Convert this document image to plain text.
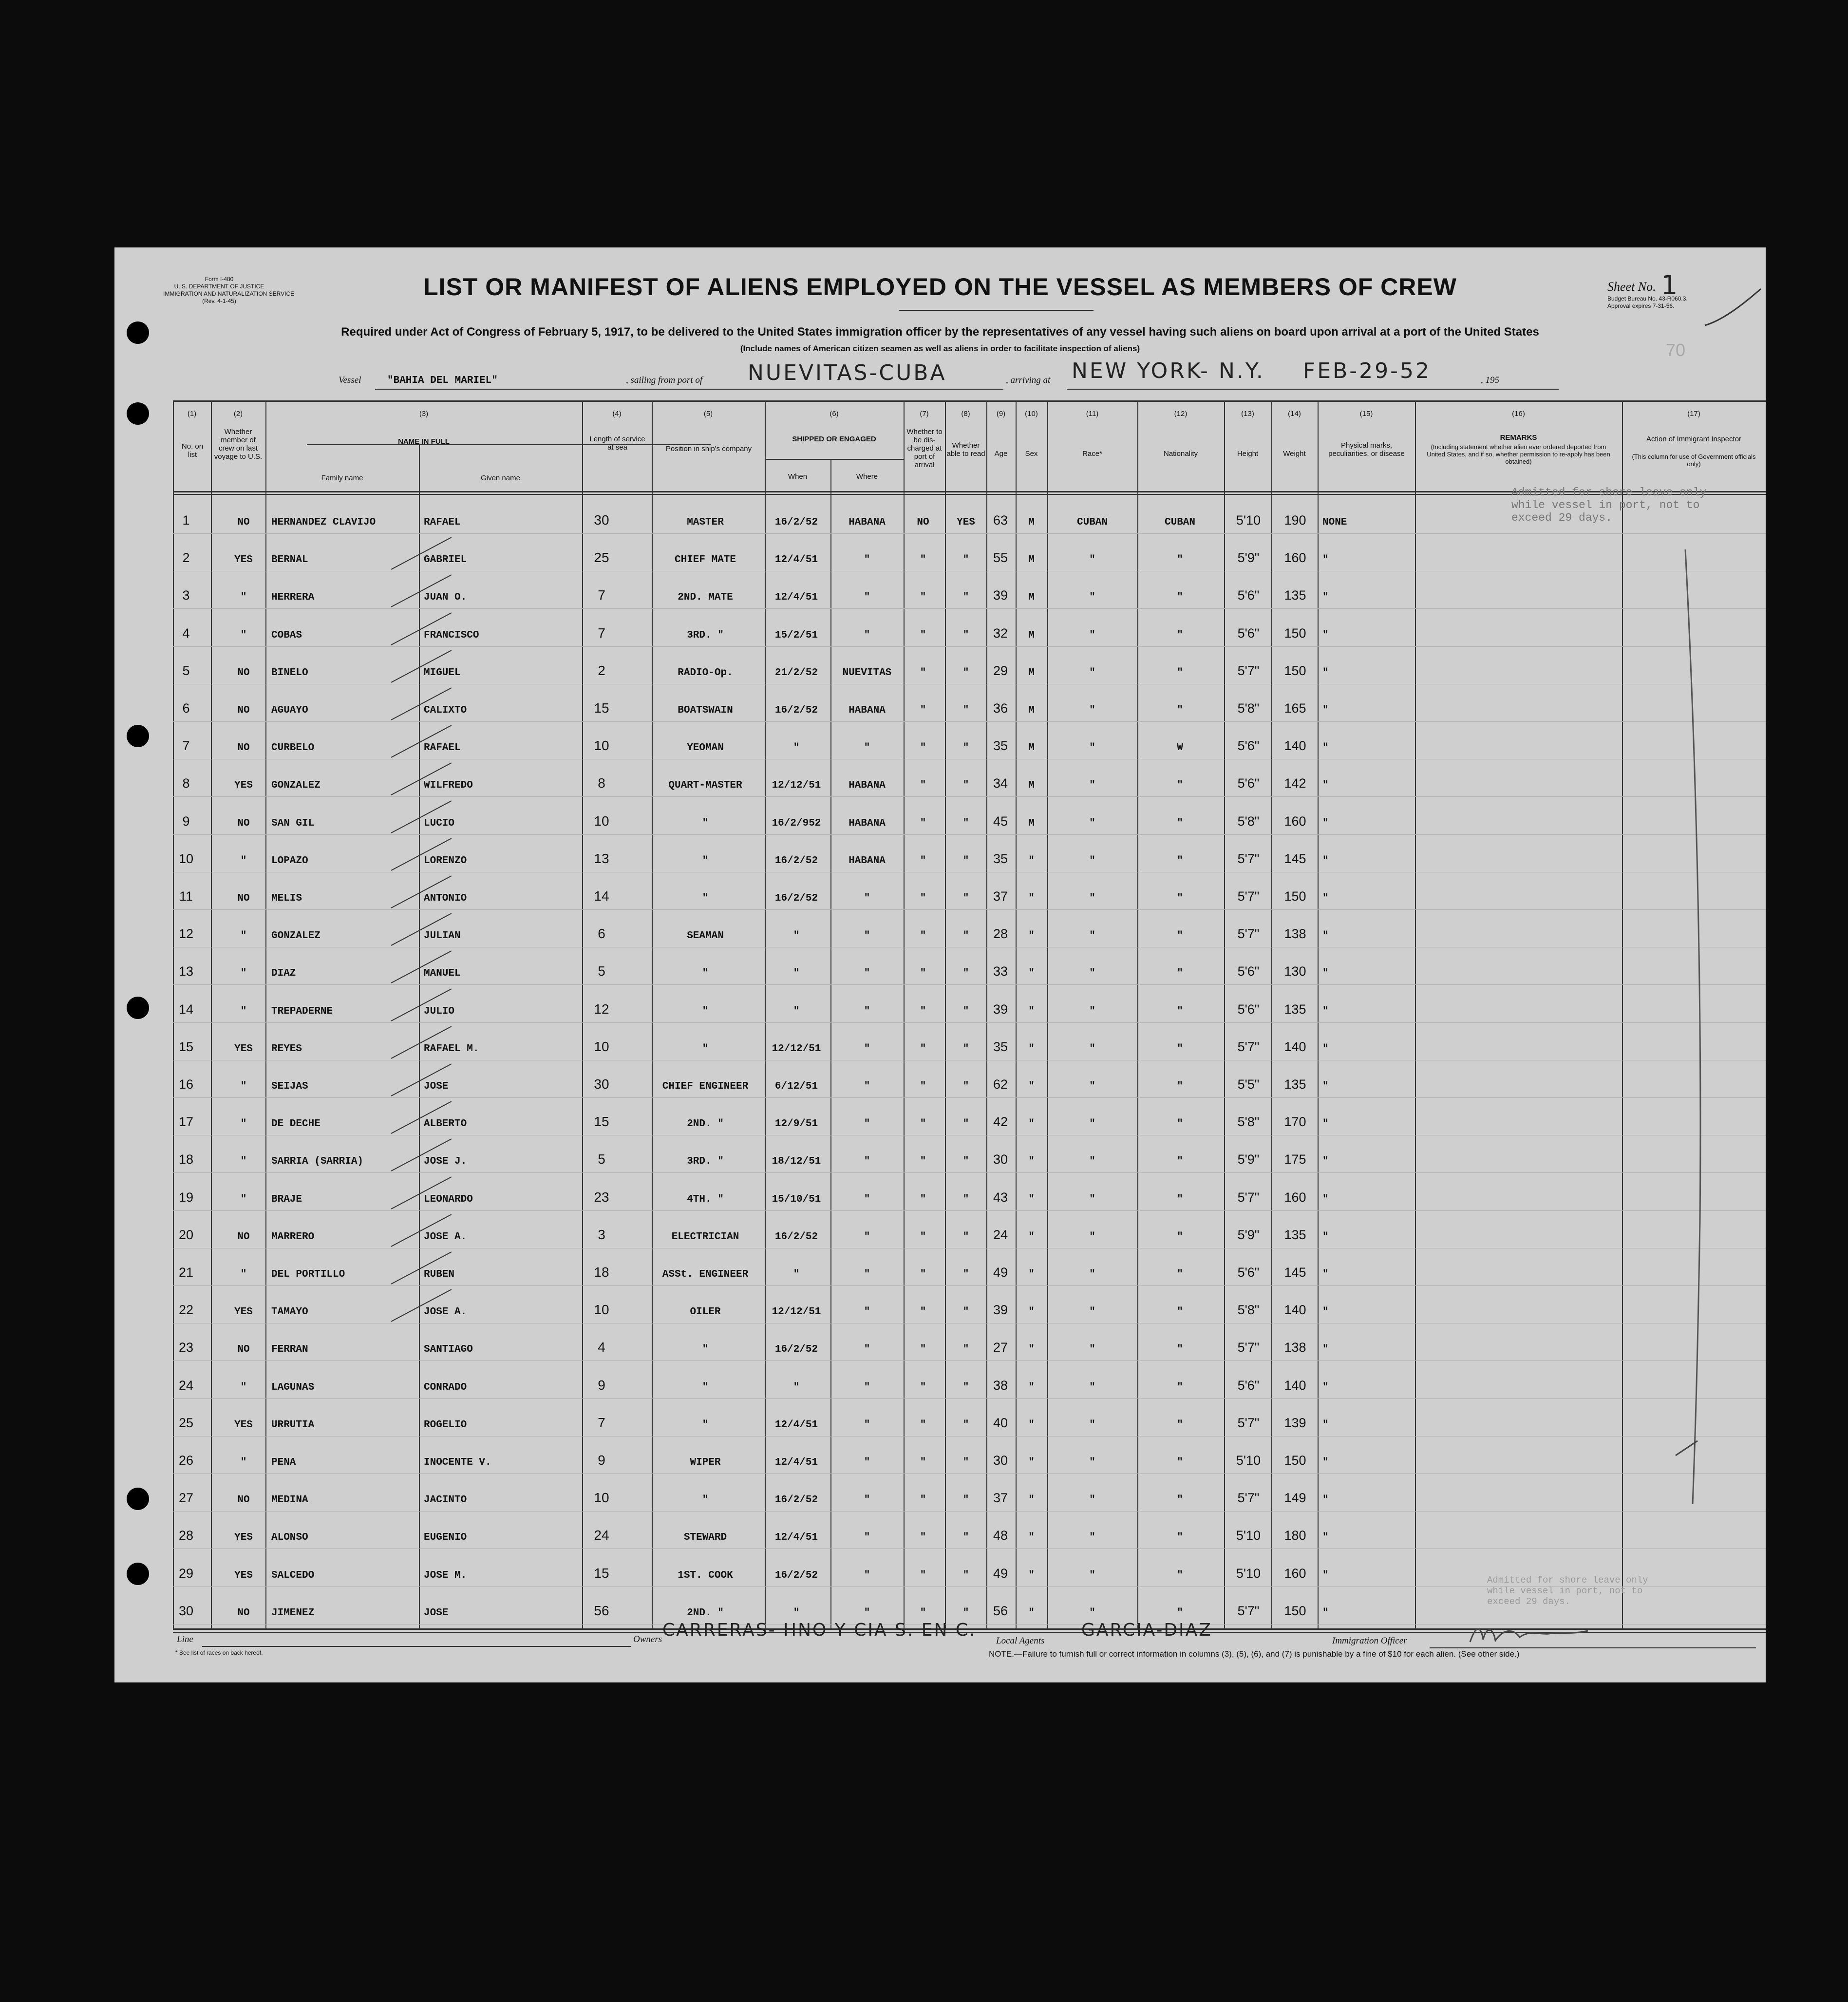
Form I-480
U. S. DEPARTMENT OF JUSTICE
IMMIGRATION AND NATURALIZATION SERVICE
(Rev. 4-1-45)
LIST OR MANIFEST OF ALIENS EMPLOYED ON THE VESSEL AS MEMBERS OF CREW	Sheet No. 1
Budget Bureau No. 43-R060.3.
Approval expires 7-31-56.
70
Required under Act of Congress of February 5, 1917, to be delivered to the United States immigration officer by the representatives of any vessel having such aliens on board upon arrival at a port of the United States
(Include names of American citizen seamen as well as aliens in order to facilitate inspection of aliens)
Vessel	"BAHIA DEL MARIEL"	, sailing from port of NUEVITAS-CUBA	, arriving at NEW YORK- N.Y. FEB-29-52	, 195
(1)	(2)	(3)	(4)	(5)	(6)	(7)	(8)	(9)	(10)	(11)	(12)	(13)	(14)	(15)	(16)	(17)
No. on list
Whether member of crew on last voyage to U.S.
NAME IN FULL
Family name	Given name
Length of service at sea	Position in ship's company
SHIPPED OR ENGAGED
When	Where
Whether to be dis-charged at port of arrival
Whether able to read	Age	Sex	Race*	Nationality	Height	Weight
Physical marks, peculiarities, or disease
REMARKS
(Including statement whether alien ever ordered deported from United States, and if so, whether permission to re-apply has been obtained)
Action of Immigrant Inspector
(This column for use of Government officials only)
1	NO	HERNANDEZ CLAVIJO	RAFAEL	30	MASTER	16/2/52	HABANA	NO	YES	63	M	CUBAN	CUBAN	5'10	190	NONE
2	YES	BERNAL	GABRIEL	25	CHIEF MATE	12/4/51	"	"	"	55	M	"	"	5'9"	160	"
3	"	HERRERA	JUAN O.	7	2ND. MATE	12/4/51	"	"	"	39	M	"	"	5'6"	135	"
4	"	COBAS	FRANCISCO	7	3RD. "	15/2/51	"	"	"	32	M	"	"	5'6"	150	"
5	NO	BINELO	MIGUEL	2	RADIO-Op.	21/2/52	NUEVITAS	"	"	29	M	"	"	5'7"	150	"
6	NO	AGUAYO	CALIXTO	15	BOATSWAIN	16/2/52	HABANA	"	"	36	M	"	"	5'8"	165	"
7	NO	CURBELO	RAFAEL	10	YEOMAN	"	"	"	"	35	M	"	W	5'6"	140	"
8	YES	GONZALEZ	WILFREDO	8	QUART-MASTER	12/12/51	HABANA	"	"	34	M	"	"	5'6"	142	"
9	NO	SAN GIL	LUCIO	10	"	16/2/952	HABANA	"	"	45	M	"	"	5'8"	160	"
10	"	LOPAZO	LORENZO	13	"	16/2/52	HABANA	"	"	35	"	"	"	5'7"	145	"
11	NO	MELIS	ANTONIO	14	"	16/2/52	"	"	"	37	"	"	"	5'7"	150	"
12	"	GONZALEZ	JULIAN	6	SEAMAN	"	"	"	"	28	"	"	"	5'7"	138	"
13	"	DIAZ	MANUEL	5	"	"	"	"	"	33	"	"	"	5'6"	130	"
14	"	TREPADERNE	JULIO	12	"	"	"	"	"	39	"	"	"	5'6"	135	"
15	YES	REYES	RAFAEL M.	10	"	12/12/51	"	"	"	35	"	"	"	5'7"	140	"
16	"	SEIJAS	JOSE	30	CHIEF ENGINEER	6/12/51	"	"	"	62	"	"	"	5'5"	135	"
17	"	DE DECHE	ALBERTO	15	2ND. "	12/9/51	"	"	"	42	"	"	"	5'8"	170	"
18	"	SARRIA (SARRIA)	JOSE J.	5	3RD. "	18/12/51	"	"	"	30	"	"	"	5'9"	175	"
19	"	BRAJE	LEONARDO	23	4TH. "	15/10/51	"	"	"	43	"	"	"	5'7"	160	"
20	NO	MARRERO	JOSE A.	3	ELECTRICIAN	16/2/52	"	"	"	24	"	"	"	5'9"	135	"
21	"	DEL PORTILLO	RUBEN	18	ASSt. ENGINEER	"	"	"	"	49	"	"	"	5'6"	145	"
22	YES	TAMAYO	JOSE A.	10	OILER	12/12/51	"	"	"	39	"	"	"	5'8"	140	"
23	NO	FERRAN	SANTIAGO	4	"	16/2/52	"	"	"	27	"	"	"	5'7"	138	"
24	"	LAGUNAS	CONRADO	9	"	"	"	"	"	38	"	"	"	5'6"	140	"
25	YES	URRUTIA	ROGELIO	7	"	12/4/51	"	"	"	40	"	"	"	5'7"	139	"
26	"	PENA	INOCENTE V.	9	WIPER	12/4/51	"	"	"	30	"	"	"	5'10	150	"
27	NO	MEDINA	JACINTO	10	"	16/2/52	"	"	"	37	"	"	"	5'7"	149	"
28	YES	ALONSO	EUGENIO	24	STEWARD	12/4/51	"	"	"	48	"	"	"	5'10	180	"
29	YES	SALCEDO	JOSE M.	15	1ST. COOK	16/2/52	"	"	"	49	"	"	"	5'10	160	"
30	NO	JIMENEZ	JOSE	56	2ND. "	"	"	"	"	56	"	"	"	5'7"	150	"
Admitted for shore leave only
while vessel in port, not to
exceed 29 days.
Admitted for shore leave only
while vessel in port, not to
exceed 29 days.
Line	Owners CARRERAS- HNO Y CIA S. EN C.
Local Agents
GARCIA-DIAZ
Immigration Officer
* See list of races on back hereof.	NOTE.—Failure to furnish full or correct information in columns (3), (5), (6), and (7) is punishable by a fine of $10 for each alien. (See other side.)
